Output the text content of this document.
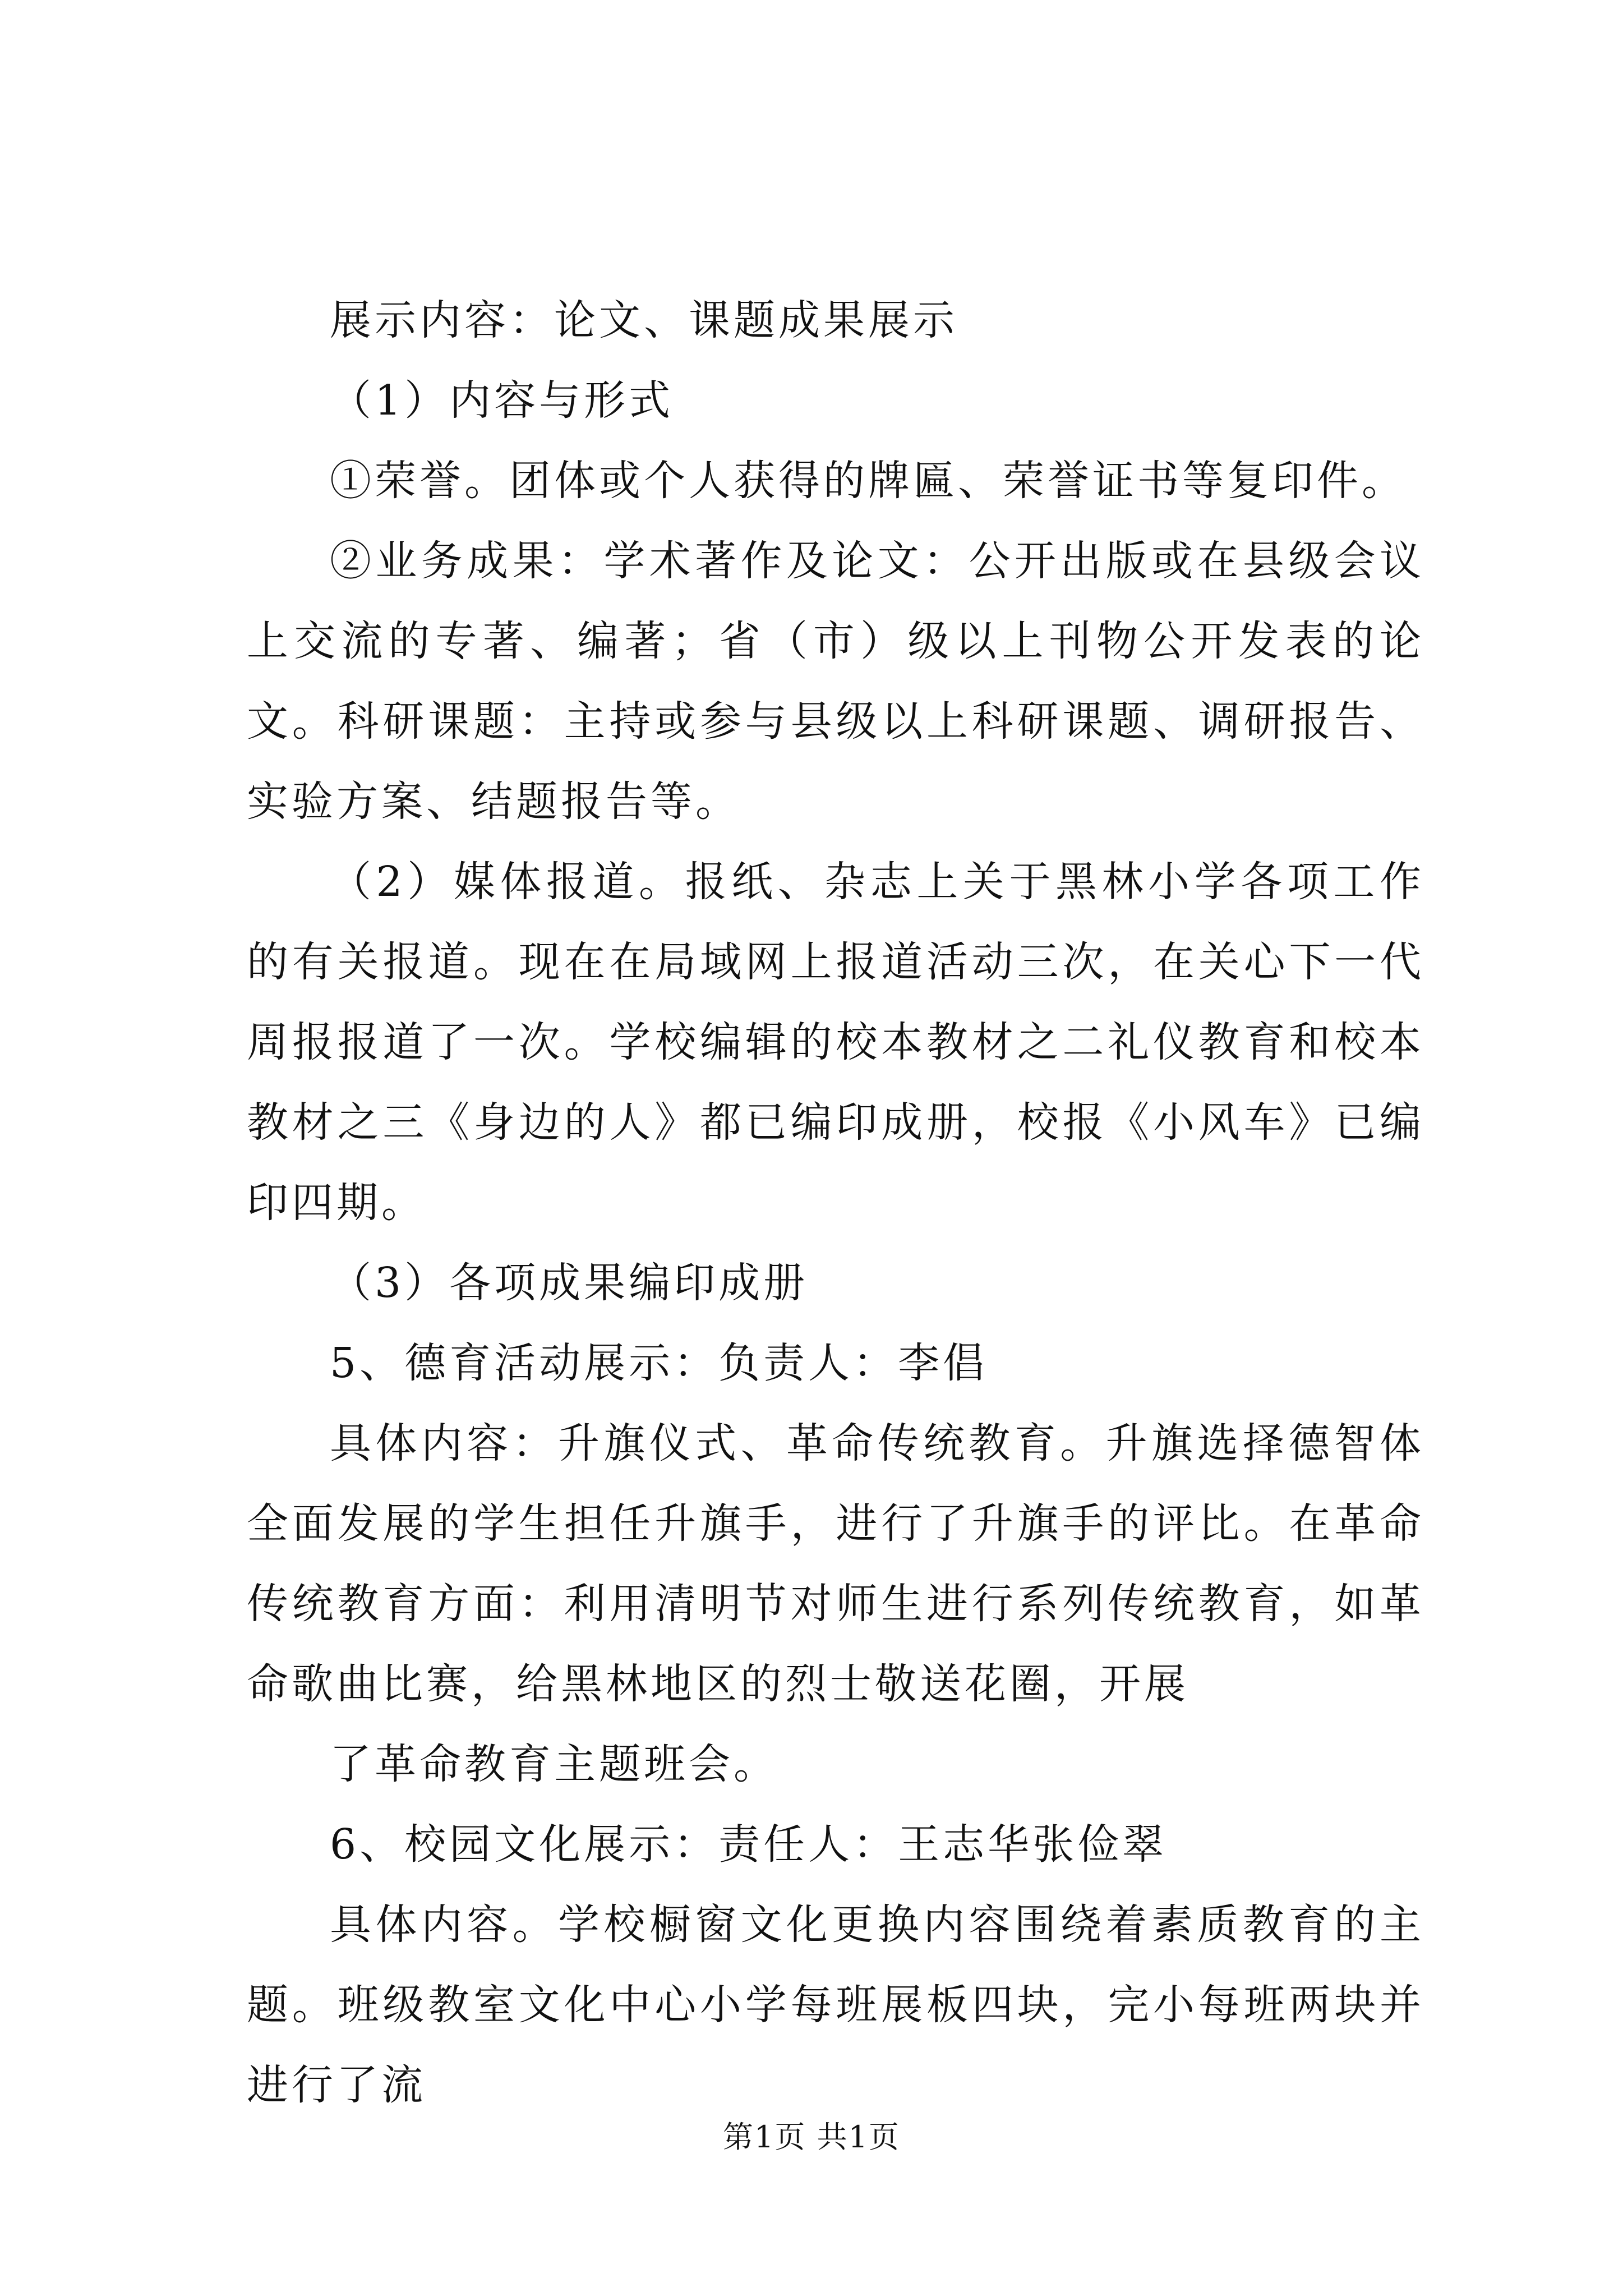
展示内容：论文、课题成果展示

（1）内容与形式

①荣誉。团体或个人获得的牌匾、荣誉证书等复印件。

②业务成果：学术著作及论文：公开出版或在县级会议上交流的专著、编著；省（市）级以上刊物公开发表的论文。科研课题：主持或参与县级以上科研课题、调研报告、实验方案、结题报告等。

（2）媒体报道。报纸、杂志上关于黑林小学各项工作的有关报道。现在在局域网上报道活动三次，在关心下一代周报报道了一次。学校编辑的校本教材之二礼仪教育和校本教材之三《身边的人》都已编印成册，校报《小风车》已编印四期。

（3）各项成果编印成册

5、德育活动展示：负责人：李倡

具体内容：升旗仪式、革命传统教育。升旗选择德智体全面发展的学生担任升旗手，进行了升旗手的评比。在革命传统教育方面：利用清明节对师生进行系列传统教育，如革命歌曲比赛，给黑林地区的烈士敬送花圈，开展

了革命教育主题班会。

6、校园文化展示：责任人：王志华张俭翠

具体内容。学校橱窗文化更换内容围绕着素质教育的主题。班级教室文化中心小学每班展板四块，完小每班两块并进行了流

第1页 共1页
